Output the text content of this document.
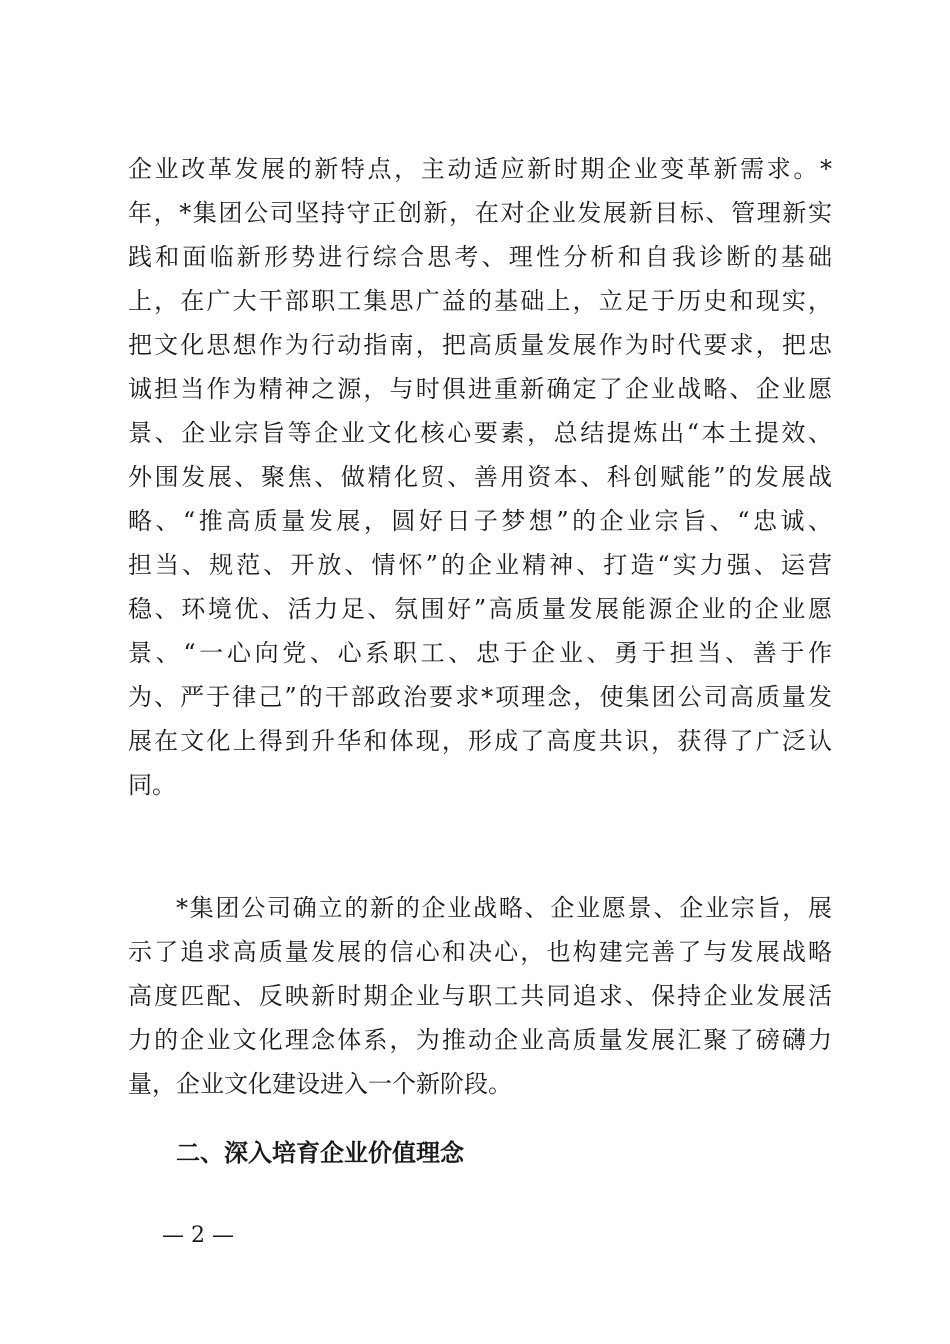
企业改革发展的新特点，主动适应新时期企业变革新需求。*
年，*集团公司坚持守正创新，在对企业发展新目标、管理新实
践和面临新形势进行综合思考、理性分析和自我诊断的基础
上，在广大干部职工集思广益的基础上，立足于历史和现实，
把文化思想作为行动指南，把高质量发展作为时代要求，把忠
诚担当作为精神之源，与时俱进重新确定了企业战略、企业愿
景、企业宗旨等企业文化核心要素，总结提炼出“本土提效、
外围发展、聚焦、做精化贸、善用资本、科创赋能”的发展战
略、“推高质量发展，圆好日子梦想”的企业宗旨、“忠诚、
担当、规范、开放、情怀”的企业精神、打造“实力强、运营
稳、环境优、活力足、氛围好”高质量发展能源企业的企业愿
景、“一心向党、心系职工、忠于企业、勇于担当、善于作
为、严于律己”的干部政治要求*项理念，使集团公司高质量发
展在文化上得到升华和体现，形成了高度共识，获得了广泛认
同。
*集团公司确立的新的企业战略、企业愿景、企业宗旨，展
示了追求高质量发展的信心和决心，也构建完善了与发展战略
高度匹配、反映新时期企业与职工共同追求、保持企业发展活
力的企业文化理念体系，为推动企业高质量发展汇聚了磅礴力
量，企业文化建设进入一个新阶段。
二、深入培育企业价值理念
— 2 —
